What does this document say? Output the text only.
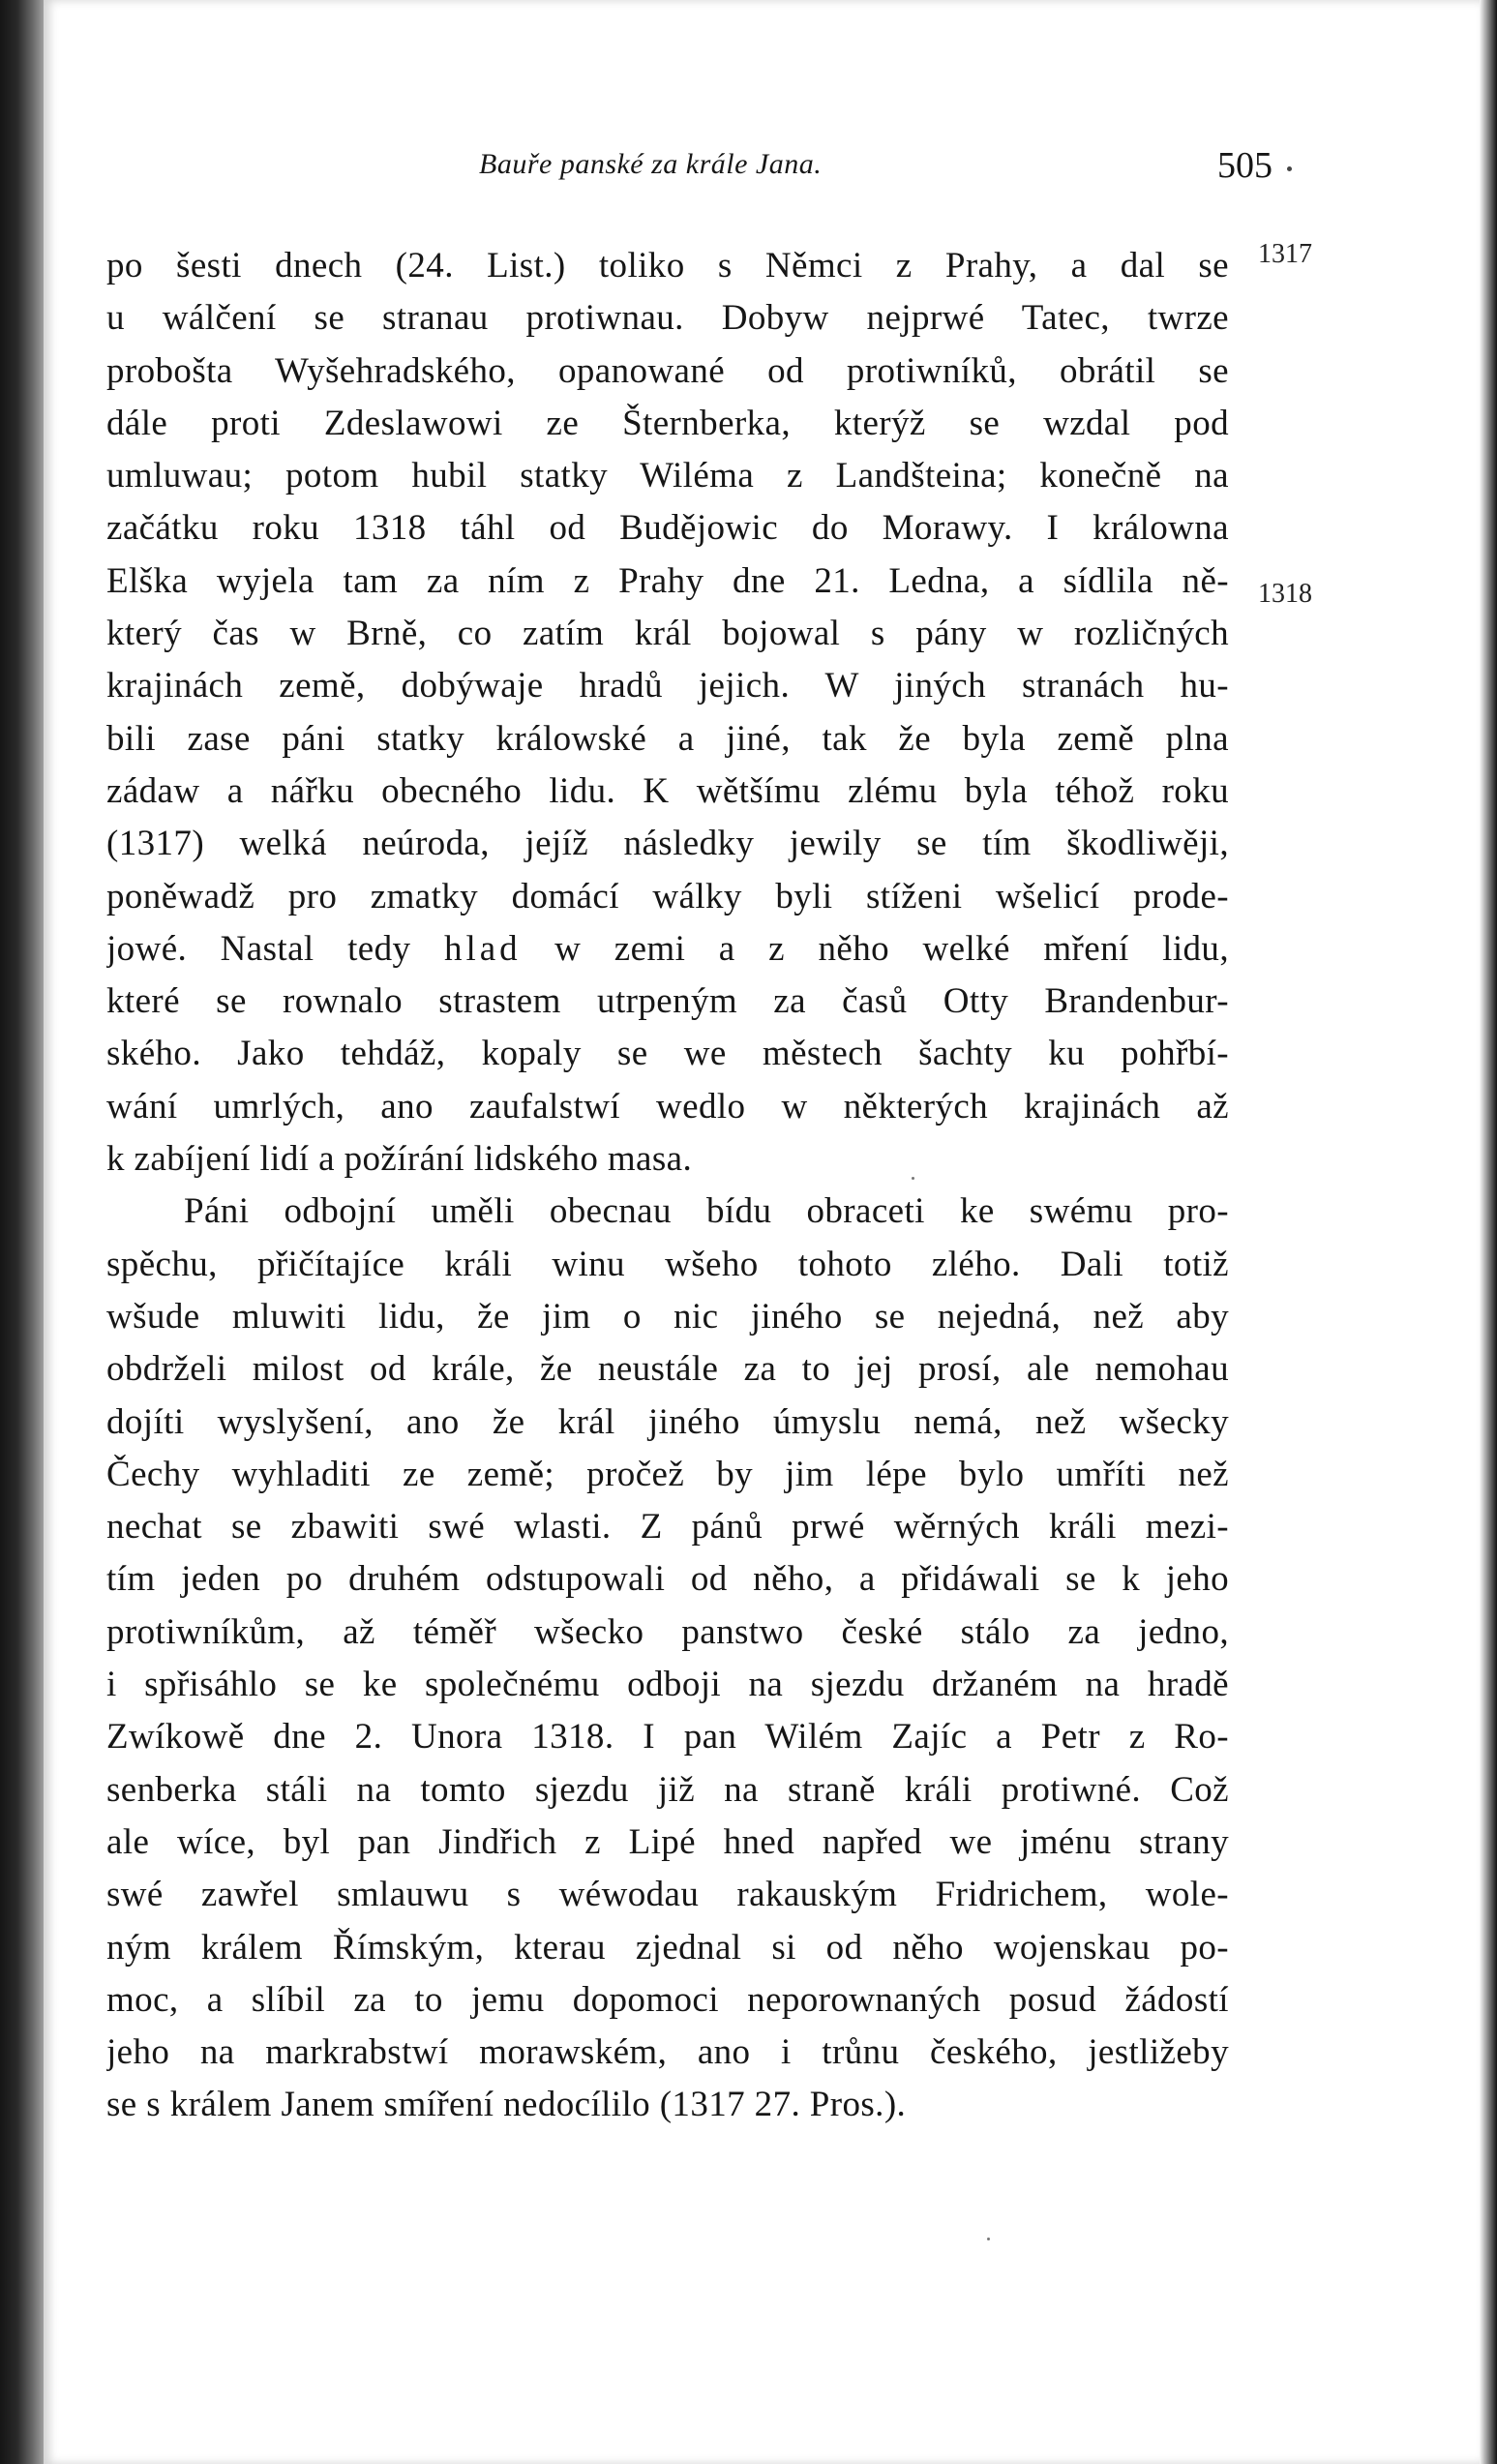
Bauře panské za krále Jana.	505
1317
1318
po šesti dnech (24. List.) toliko s Němci z Prahy, a dal se
u wálčení se stranau protiwnau. Dobyw nejprwé Tatec, twrze
probošta Wyšehradského, opanowané od protiwníků, obrátil se
dále proti Zdeslawowi ze Šternberka, kterýž se wzdal pod
umluwau; potom hubil statky Wiléma z Landšteina; konečně na
začátku roku 1318 táhl od Budějowic do Morawy. I králowna
Elška wyjela tam za ním z Prahy dne 21. Ledna, a sídlila ně-
který čas w Brně, co zatím král bojowal s pány w rozličných
krajinách země, dobýwaje hradů jejich. W jiných stranách hu-
bili zase páni statky králowské a jiné, tak že byla země plna
zádaw a nářku obecného lidu. K wětšímu zlému byla téhož roku
(1317) welká neúroda, jejíž následky jewily se tím škodliwěji,
poněwadž pro zmatky domácí wálky byli stíženi wšelicí prode-
jowé. Nastal tedy hlad w zemi a z něho welké mření lidu,
které se rownalo strastem utrpeným za časů Otty Brandenbur-
ského. Jako tehdáž, kopaly se we městech šachty ku pohřbí-
wání umrlých, ano zaufalstwí wedlo w některých krajinách až
k zabíjení lidí a požírání lidského masa.
Páni odbojní uměli obecnau bídu obraceti ke swému pro-
spěchu, přičítajíce králi winu wšeho tohoto zlého. Dali totiž
wšude mluwiti lidu, že jim o nic jiného se nejedná, než aby
obdrželi milost od krále, že neustále za to jej prosí, ale nemohau
dojíti wyslyšení, ano že král jiného úmyslu nemá, než wšecky
Čechy wyhladiti ze země; pročež by jim lépe bylo umříti než
nechat se zbawiti swé wlasti. Z pánů prwé wěrných králi mezi-
tím jeden po druhém odstupowali od něho, a přidáwali se k jeho
protiwníkům, až téměř wšecko panstwo české stálo za jedno,
i spřisáhlo se ke společnému odboji na sjezdu držaném na hradě
Zwíkowě dne 2. Unora 1318. I pan Wilém Zajíc a Petr z Ro-
senberka stáli na tomto sjezdu již na straně králi protiwné. Což
ale wíce, byl pan Jindřich z Lipé hned napřed we jménu strany
swé zawřel smlauwu s wéwodau rakauským Fridrichem, wole-
ným králem Římským, kterau zjednal si od něho wojenskau po-
moc, a slíbil za to jemu dopomoci neporownaných posud žádostí
jeho na markrabstwí morawském, ano i trůnu českého, jestližeby
se s králem Janem smíření nedocílilo (1317 27. Pros.).
